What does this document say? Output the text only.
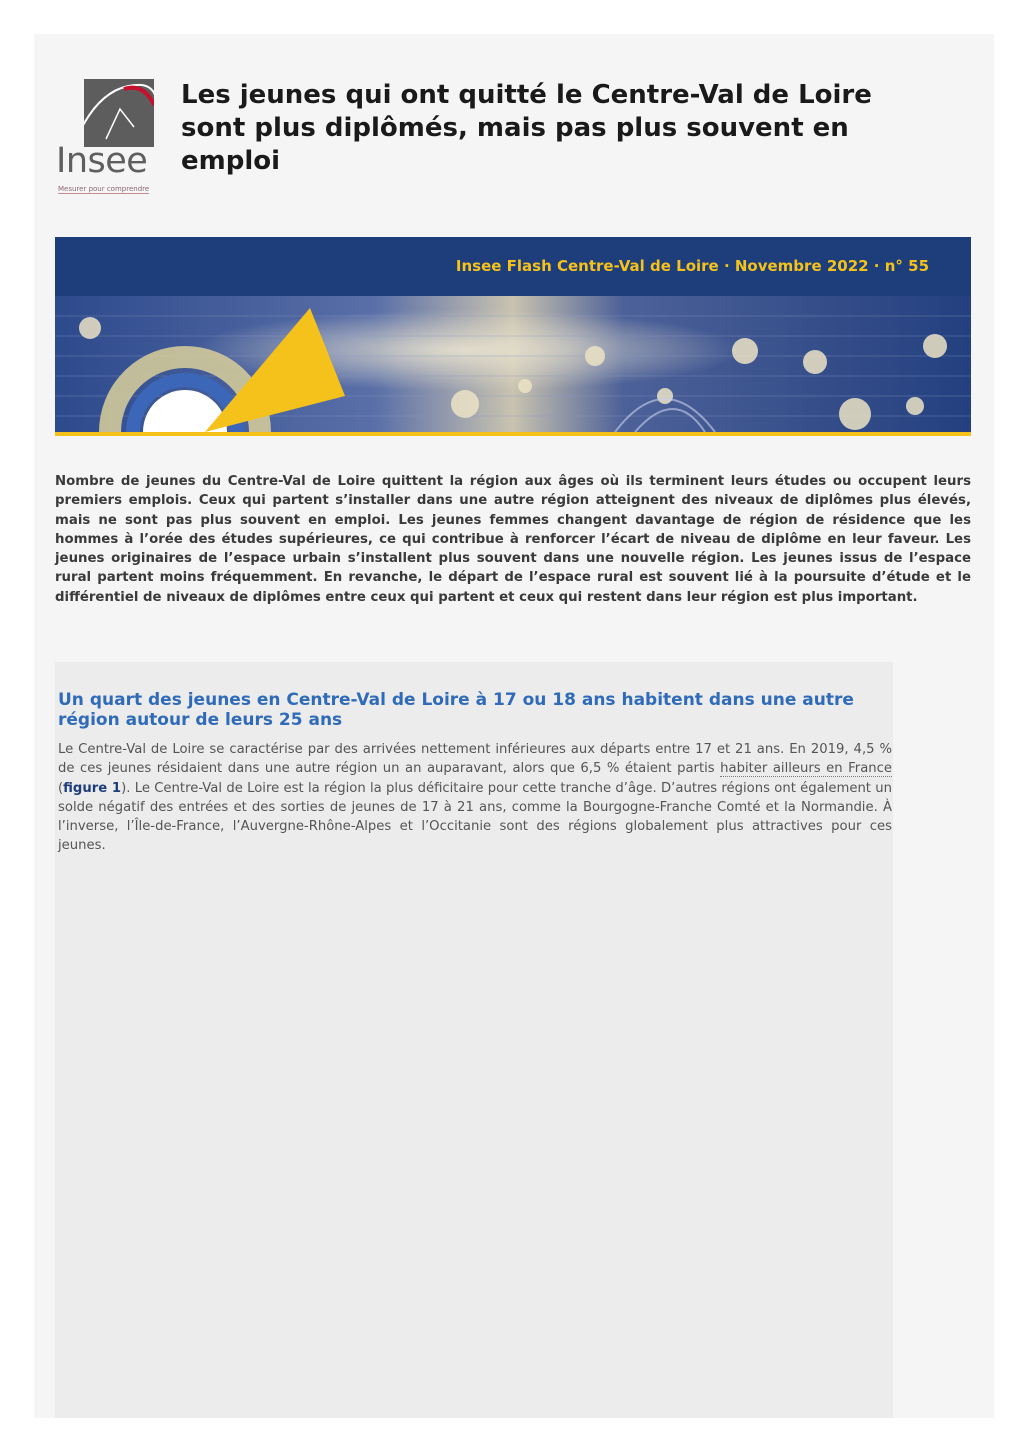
Insee
Mesurer pour comprendre
Les jeunes qui ont quitté le Centre-Val de Loire sont plus diplômés, mais pas plus souvent en emploi
Insee Flash Centre-Val de Loire · Novembre 2022 · n° 55

Nombre de jeunes du Centre-Val de Loire quittent la région aux âges où ils terminent leurs études ou occupent leurs premiers emplois. Ceux qui partent s’installer dans une autre région atteignent des niveaux de diplômes plus élevés, mais ne sont pas plus souvent en emploi. Les jeunes femmes changent davantage de région de résidence que les hommes à l’orée des études supérieures, ce qui contribue à renforcer l’écart de niveau de diplôme en leur faveur. Les jeunes originaires de l’espace urbain s’installent plus souvent dans une nouvelle région. Les jeunes issus de l’espace rural partent moins fréquemment. En revanche, le départ de l’espace rural est souvent lié à la poursuite d’étude et le différentiel de niveaux de diplômes entre ceux qui partent et ceux qui restent dans leur région est plus important.

Un quart des jeunes en Centre-Val de Loire à 17 ou 18 ans habitent dans une autre région autour de leurs 25 ans

Le Centre-Val de Loire se caractérise par des arrivées nettement inférieures aux départs entre 17 et 21 ans. En 2019, 4,5 % de ces jeunes résidaient dans une autre région un an auparavant, alors que 6,5 % étaient partis habiter ailleurs en France (figure 1). Le Centre-Val de Loire est la région la plus déficitaire pour cette tranche d’âge. D’autres régions ont également un solde négatif des entrées et des sorties de jeunes de 17 à 21 ans, comme la Bourgogne-Franche Comté et la Normandie. À l’inverse, l’Île-de-France, l’Auvergne-Rhône-Alpes et l’Occitanie sont des régions globalement plus attractives pour ces jeunes.
